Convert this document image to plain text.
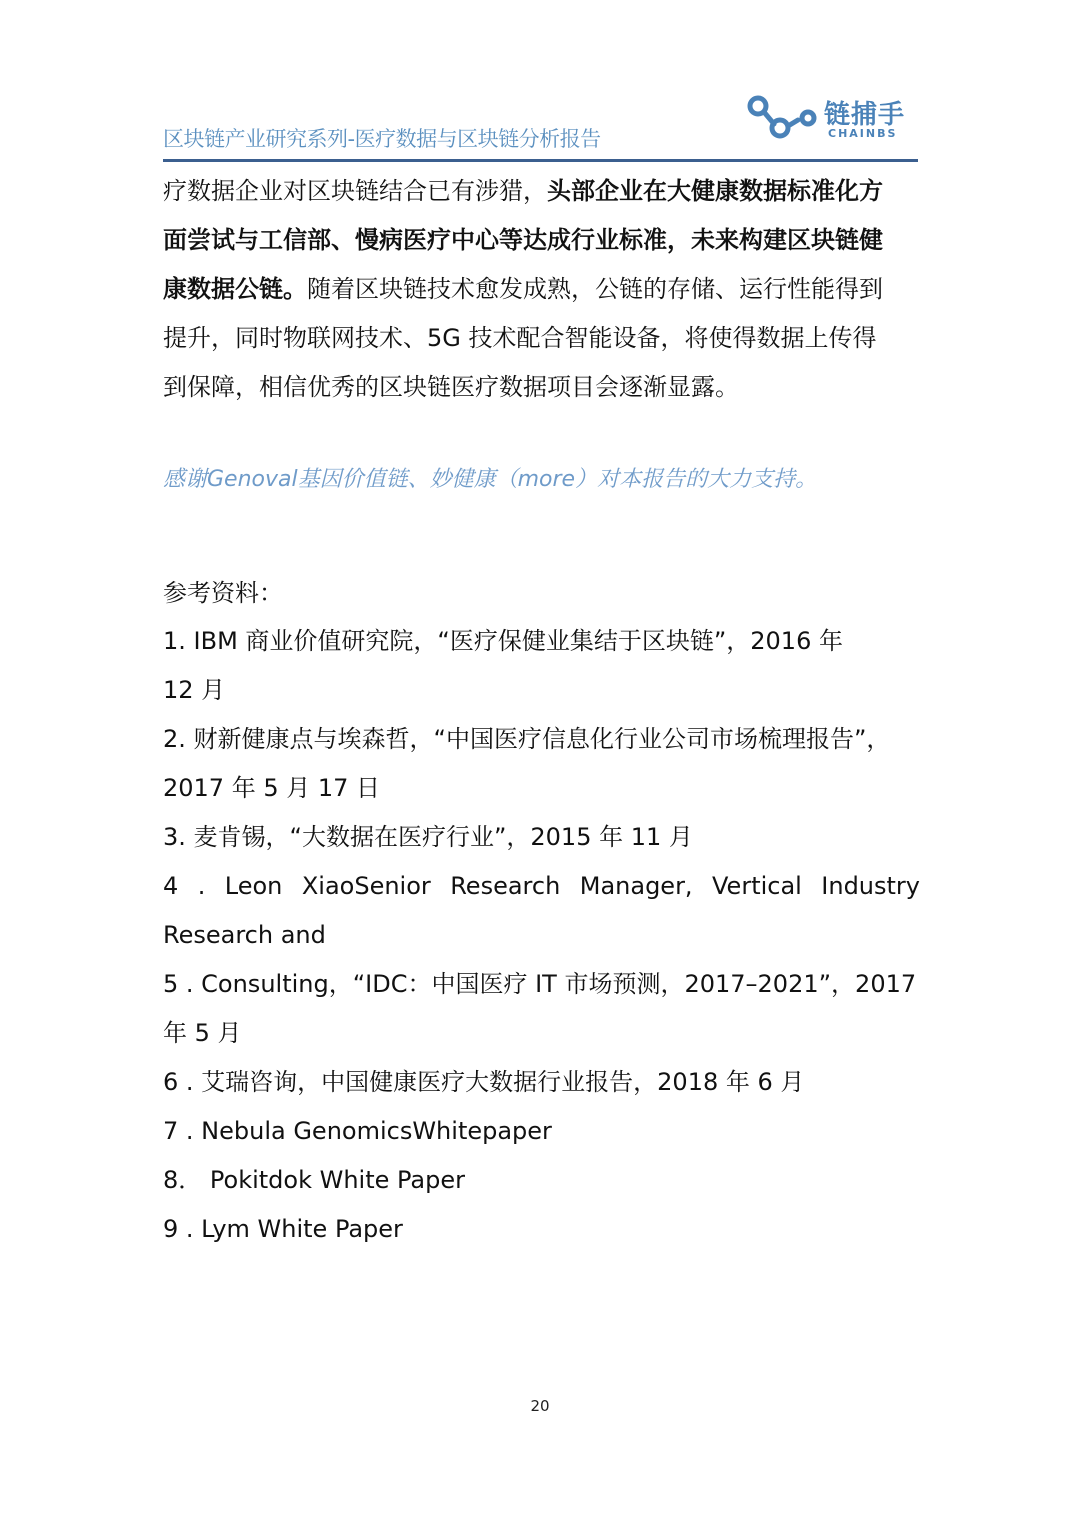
区块链产业研究系列-医疗数据与区块链分析报告
链捕手
CHAINBS
疗数据企业对区块链结合已有涉猎，头部企业在大健康数据标准化方
面尝试与工信部、慢病医疗中心等达成行业标准，未来构建区块链健
康数据公链。随着区块链技术愈发成熟，公链的存储、运行性能得到
提升，同时物联网技术、5G 技术配合智能设备，将使得数据上传得
到保障，相信优秀的区块链医疗数据项目会逐渐显露。
感谢Genoval基因价值链、妙健康（more）对本报告的大力支持。
参考资料：
1. IBM 商业价值研究院，“医疗保健业集结于区块链”，2016 年
12 月
2. 财新健康点与埃森哲，“中国医疗信息化行业公司市场梳理报告”，
2017 年 5 月 17 日
3. 麦肯锡，“大数据在医疗行业”，2015 年 11 月
4 . Leon XiaoSenior Research Manager, Vertical Industry
Research and
5 . Consulting，“IDC：中国医疗 IT 市场预测，2017–2021”，2017
年 5 月
6 . 艾瑞咨询，中国健康医疗大数据行业报告，2018 年 6 月
7 . Nebula GenomicsWhitepaper
8． Pokitdok White Paper
9 . Lym White Paper
20
